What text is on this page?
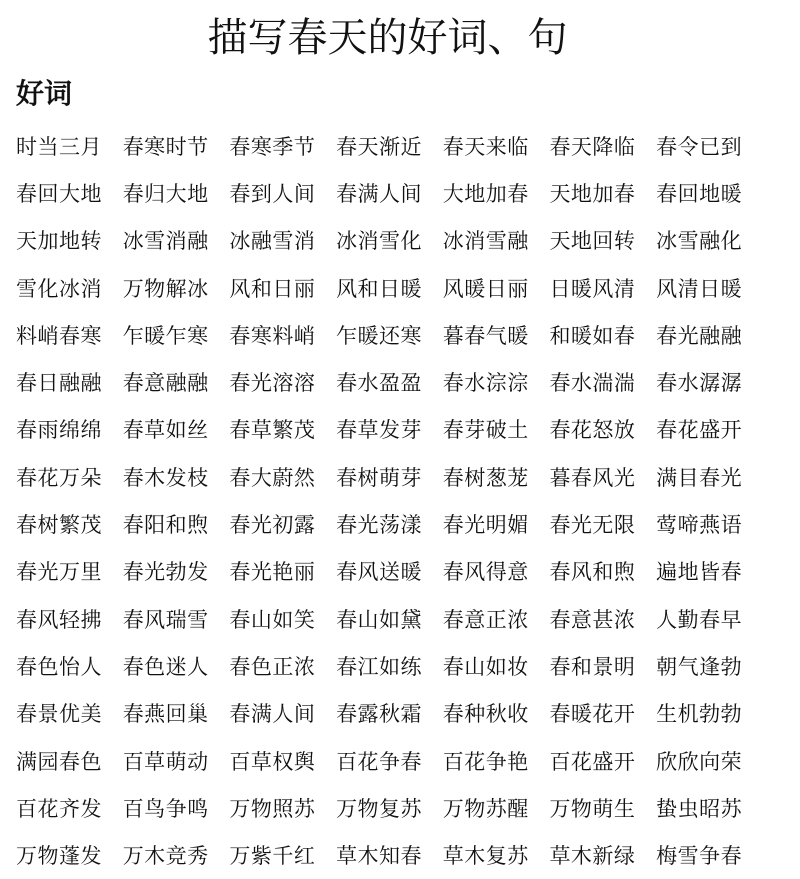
描写春天的好词、句
好词
时当三月 春寒时节 春寒季节 春天渐近 春天来临 春天降临 春令已到
春回大地 春归大地 春到人间 春满人间 大地加春 天地加春 春回地暖
天加地转 冰雪消融 冰融雪消 冰消雪化 冰消雪融 天地回转 冰雪融化
雪化冰消 万物解冰 风和日丽 风和日暖 风暖日丽 日暖风清 风清日暖
料峭春寒 乍暖乍寒 春寒料峭 乍暖还寒 暮春气暖 和暖如春 春光融融
春日融融 春意融融 春光溶溶 春水盈盈 春水淙淙 春水湍湍 春水潺潺
春雨绵绵 春草如丝 春草繁茂 春草发芽 春芽破土 春花怒放 春花盛开
春花万朵 春木发枝 春大蔚然 春树萌芽 春树葱茏 暮春风光 满目春光
春树繁茂 春阳和煦 春光初露 春光荡漾 春光明媚 春光无限 莺啼燕语
春光万里 春光勃发 春光艳丽 春风送暖 春风得意 春风和煦 遍地皆春
春风轻拂 春风瑞雪 春山如笑 春山如黛 春意正浓 春意甚浓 人勤春早
春色怡人 春色迷人 春色正浓 春江如练 春山如妆 春和景明 朝气逢勃
春景优美 春燕回巢 春满人间 春露秋霜 春种秋收 春暖花开 生机勃勃
满园春色 百草萌动 百草权舆 百花争春 百花争艳 百花盛开 欣欣向荣
百花齐发 百鸟争鸣 万物照苏 万物复苏 万物苏醒 万物萌生 蛰虫昭苏
万物蓬发 万木竞秀 万紫千红 草木知春 草木复苏 草木新绿 梅雪争春
